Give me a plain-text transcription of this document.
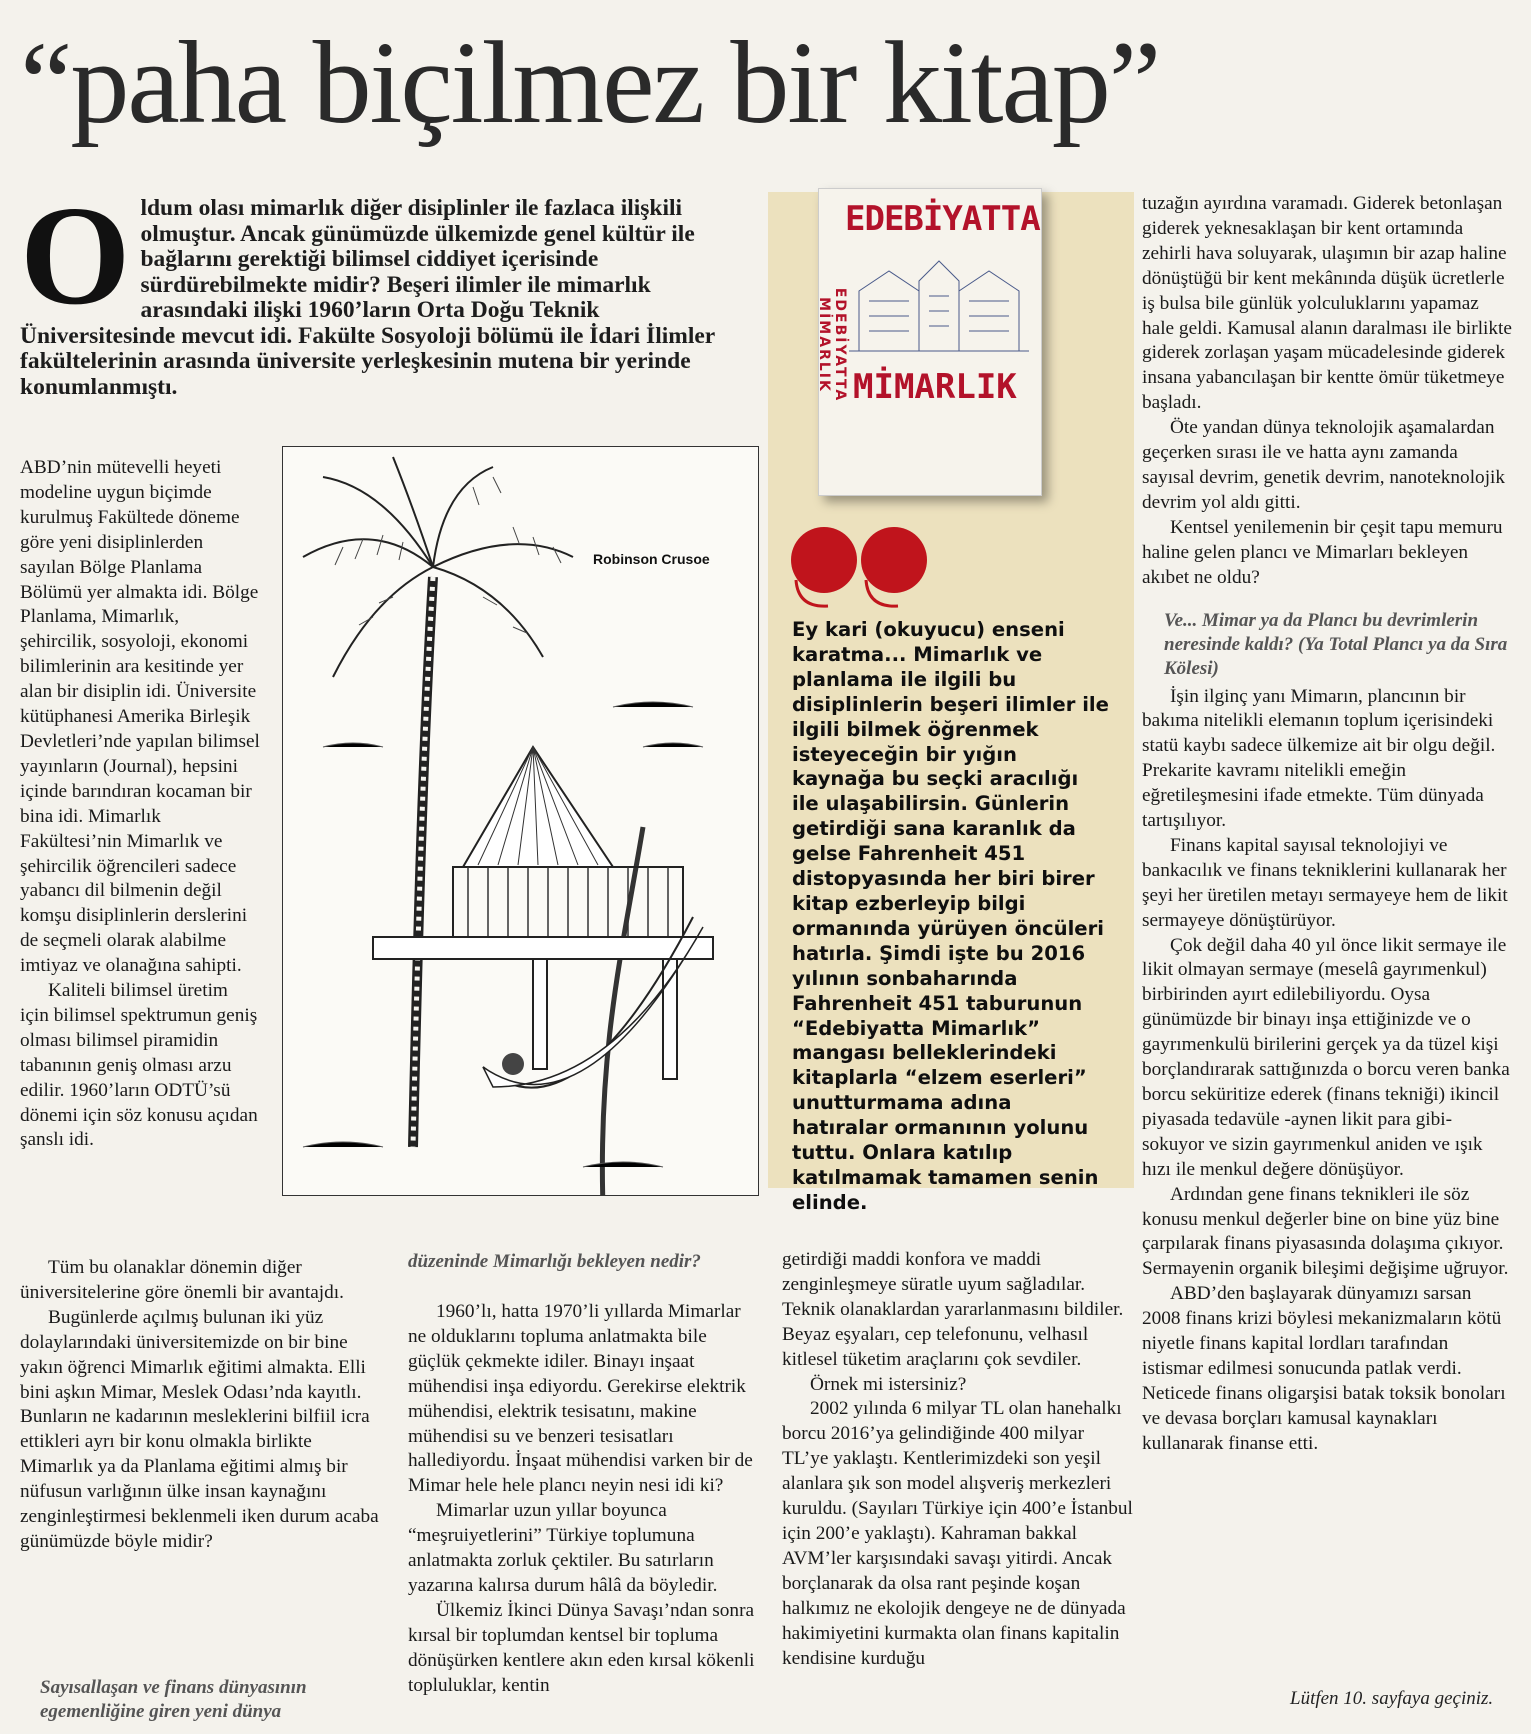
“paha biçilmez bir kitap”
Oldum olası mimarlık diğer disiplinler ile fazlaca ilişkili olmuştur. Ancak günümüzde ülkemizde genel kültür ile bağlarını gerektiği bilimsel ciddiyet içerisinde sürdürebilmekte midir? Beşeri ilimler ile mimarlık arasındaki ilişki 1960’ların Orta Doğu Teknik Üniversitesinde mevcut idi. Fakülte Sosyoloji bölümü ile İdari İlimler fakültelerinin arasında üniversite yerleşkesinin mutena bir yerinde konumlanmıştı.

ABD’nin mütevelli heyeti modeline uygun biçimde kurulmuş Fakültede döneme göre yeni disiplinlerden sayılan Bölge Planlama Bölümü yer almakta idi. Bölge Planlama, Mimarlık, şehircilik, sosyoloji, ekonomi bilimlerinin ara kesitinde yer alan bir disiplin idi. Üniversite kütüphanesi Amerika Birleşik Devletleri’nde yapılan bilimsel yayınların (Journal), hepsini içinde barındıran kocaman bir bina idi. Mimarlık Fakültesi’nin Mimarlık ve şehircilik öğrencileri sadece yabancı dil bilmenin değil komşu disiplinlerin derslerini de seçmeli olarak alabilme imtiyaz ve olanağına sahipti.

Kaliteli bilimsel üretim için bilimsel spektrumun geniş olması bilimsel piramidin tabanının geniş olması arzu edilir. 1960’ların ODTÜ’sü dönemi için söz konusu açıdan şanslı idi.

Tüm bu olanaklar dönemin diğer üniversitelerine göre önemli bir avantajdı.

Bugünlerde açılmış bulunan iki yüz dolaylarındaki üniversitemizde on bir bine yakın öğrenci Mimarlık eğitimi almakta. Elli bini aşkın Mimar, Meslek Odası’nda kayıtlı. Bunların ne kadarının mesleklerini bilfiil icra ettikleri ayrı bir konu olmakla birlikte Mimarlık ya da Planlama eğitimi almış bir nüfusun varlığının ülke insan kaynağını zenginleştirmesi beklenmeli iken durum acaba günümüzde böyle midir?

Sayısallaşan ve finans dünyasının egemenliğine giren yeni dünya
Robinson Crusoe
EDEBİYATTA MİMARLIK
EDEBİYATTA
MİMARLIK
Ey kari (okuyucu) enseni karatma... Mimarlık ve planlama ile ilgili bu disiplinlerin beşeri ilimler ile ilgili bilmek öğrenmek isteyeceğin bir yığın kaynağa bu seçki aracılığı ile ulaşabilirsin. Günlerin getirdiği sana karanlık da gelse Fahrenheit 451 distopyasında her biri birer kitap ezberleyip bilgi ormanında yürüyen öncüleri hatırla. Şimdi işte bu 2016 yılının sonbaharında Fahrenheit 451 taburunun “Edebiyatta Mimarlık” mangası belleklerindeki kitaplarla “elzem eserleri” unutturmama adına hatıralar ormanının yolunu tuttu. Onlara katılıp katılmamak tamamen senin elinde.
düzeninde Mimarlığı bekleyen nedir?

1960’lı, hatta 1970’li yıllarda Mimarlar ne olduklarını topluma anlatmakta bile güçlük çekmekte idiler. Binayı inşaat mühendisi inşa ediyordu. Gerekirse elektrik mühendisi, elektrik tesisatını, makine mühendisi su ve benzeri tesisatları hallediyordu. İnşaat mühendisi varken bir de Mimar hele hele plancı neyin nesi idi ki?

Mimarlar uzun yıllar boyunca “meşruiyetlerini” Türkiye toplumuna anlatmakta zorluk çektiler. Bu satırların yazarına kalırsa durum hâlâ da böyledir.

Ülkemiz İkinci Dünya Savaşı’ndan sonra kırsal bir toplumdan kentsel bir topluma dönüşürken kentlere akın eden kırsal kökenli topluluklar, kentin

getirdiği maddi konfora ve maddi zenginleşmeye süratle uyum sağladılar. Teknik olanaklardan yararlanmasını bildiler. Beyaz eşyaları, cep telefonunu, velhasıl kitlesel tüketim araçlarını çok sevdiler.

Örnek mi istersiniz?

2002 yılında 6 milyar TL olan hanehalkı borcu 2016’ya gelindiğinde 400 milyar TL’ye yaklaştı. Kentlerimizdeki son yeşil alanlara şık son model alışveriş merkezleri kuruldu. (Sayıları Türkiye için 400’e İstanbul için 200’e yaklaştı). Kahraman bakkal AVM’ler karşısındaki savaşı yitirdi. Ancak borçlanarak da olsa rant peşinde koşan halkımız ne ekolojik dengeye ne de dünyada hakimiyetini kurmakta olan finans kapitalin kendisine kurduğu

tuzağın ayırdına varamadı. Giderek betonlaşan giderek yeknesaklaşan bir kent ortamında zehirli hava soluyarak, ulaşımın bir azap haline dönüştüğü bir kent mekânında düşük ücretlerle iş bulsa bile günlük yolculuklarını yapamaz hale geldi. Kamusal alanın daralması ile birlikte giderek zorlaşan yaşam mücadelesinde giderek insana yabancılaşan bir kentte ömür tüketmeye başladı.

Öte yandan dünya teknolojik aşamalardan geçerken sırası ile ve hatta aynı zamanda sayısal devrim, genetik devrim, nanoteknolojik devrim yol aldı gitti.

Kentsel yenilemenin bir çeşit tapu memuru haline gelen plancı ve Mimarları bekleyen akıbet ne oldu?

Ve... Mimar ya da Plancı bu devrimlerin neresinde kaldı? (Ya Total Plancı ya da Sıra Kölesi)

İşin ilginç yanı Mimarın, plancının bir bakıma nitelikli elemanın toplum içerisindeki statü kaybı sadece ülkemize ait bir olgu değil. Prekarite kavramı nitelikli emeğin eğretileşmesini ifade etmekte. Tüm dünyada tartışılıyor.

Finans kapital sayısal teknolojiyi ve bankacılık ve finans tekniklerini kullanarak her şeyi her üretilen metayı sermayeye hem de likit sermayeye dönüştürüyor.

Çok değil daha 40 yıl önce likit sermaye ile likit olmayan sermaye (meselâ gayrımenkul) birbirinden ayırt edilebiliyordu. Oysa günümüzde bir binayı inşa ettiğinizde ve o gayrımenkulü birilerini gerçek ya da tüzel kişi borçlandırarak sattığınızda o borcu veren banka borcu seküritize ederek (finans tekniği) ikincil piyasada tedavüle -aynen likit para gibi- sokuyor ve sizin gayrımenkul aniden ve ışık hızı ile menkul değere dönüşüyor.

Ardından gene finans teknikleri ile söz konusu menkul değerler bine on bine yüz bine çarpılarak finans piyasasında dolaşıma çıkıyor. Sermayenin organik bileşimi değişime uğruyor.

ABD’den başlayarak dünyamızı sarsan 2008 finans krizi böylesi mekanizmaların kötü niyetle finans kapital lordları tarafından istismar edilmesi sonucunda patlak verdi. Neticede finans oligarşisi batak toksik bonoları ve devasa borçları kamusal kaynakları kullanarak finanse etti.

Lütfen 10. sayfaya geçiniz.
